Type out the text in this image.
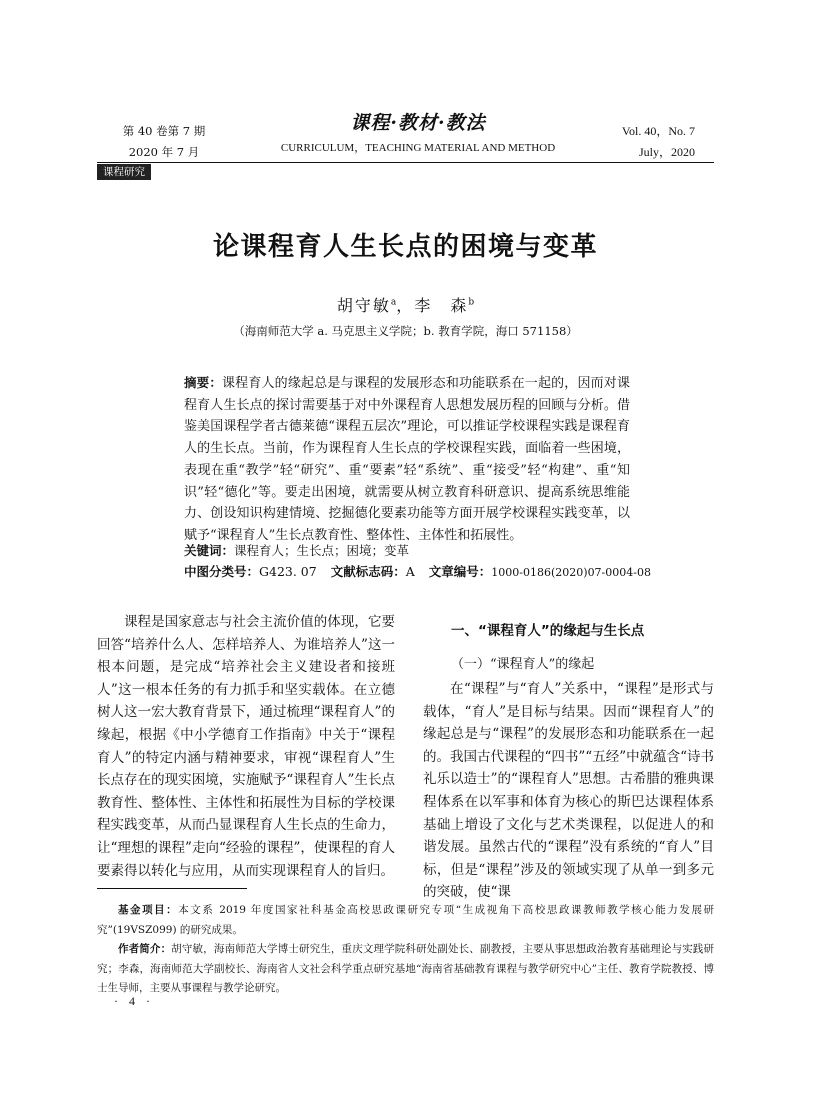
第 40 卷第 7 期
2020 年 7 月
课程·教材·教法
CURRICULUM，TEACHING MATERIAL AND METHOD
Vol. 40，No. 7
July，2020
课程研究
论课程育人生长点的困境与变革
胡守敏$^a$，李　森$^b$
（海南师范大学 a. 马克思主义学院；b. 教育学院，海口 571158）
摘要：课程育人的缘起总是与课程的发展形态和功能联系在一起的，因而对课程育人生长点的探讨需要基于对中外课程育人思想发展历程的回顾与分析。借鉴美国课程学者古德莱德“课程五层次”理论，可以推证学校课程实践是课程育人的生长点。当前，作为课程育人生长点的学校课程实践，面临着一些困境，表现在重“教学”轻“研究”、重“要素”轻“系统”、重“接受”轻“构建”、重“知识”轻“德化”等。要走出困境，就需要从树立教育科研意识、提高系统思维能力、创设知识构建情境、挖掘德化要素功能等方面开展学校课程实践变革，以赋予“课程育人”生长点教育性、整体性、主体性和拓展性。
关键词：课程育人；生长点；困境；变革
中图分类号：G423. 07 文献标志码：A 文章编号：1000-0186(2020)07-0004-08

课程是国家意志与社会主流价值的体现，它要回答“培养什么人、怎样培养人、为谁培养人”这一根本问题，是完成“培养社会主义建设者和接班人”这一根本任务的有力抓手和坚实载体。在立德树人这一宏大教育背景下，通过梳理“课程育人”的缘起，根据《中小学德育工作指南》中关于“课程育人”的特定内涵与精神要求，审视“课程育人”生长点存在的现实困境，实施赋予“课程育人”生长点教育性、整体性、主体性和拓展性为目标的学校课程实践变革，从而凸显课程育人生长点的生命力，让“理想的课程”走向“经验的课程”，使课程的育人要素得以转化与应用，从而实现课程育人的旨归。

一、“课程育人”的缘起与生长点
（一）“课程育人”的缘起

在“课程”与“育人”关系中，“课程”是形式与载体，“育人”是目标与结果。因而“课程育人”的缘起总是与“课程”的发展形态和功能联系在一起的。我国古代课程的“四书”“五经”中就蕴含“诗书礼乐以造士”的“课程育人”思想。古希腊的雅典课程体系在以军事和体育为核心的斯巴达课程体系基础上增设了文化与艺术类课程，以促进人的和谐发展。虽然古代的“课程”没有系统的“育人”目标，但是“课程”涉及的领域实现了从单一到多元的突破，使“课

基金项目：本文系 2019 年度国家社科基金高校思政课研究专项“生成视角下高校思政课教师教学核心能力发展研究”(19VSZ099) 的研究成果。
作者简介：胡守敏，海南师范大学博士研究生，重庆文理学院科研处副处长、副教授，主要从事思想政治教育基础理论与实践研究；李森，海南师范大学副校长、海南省人文社会科学重点研究基地“海南省基础教育课程与教学研究中心”主任、教育学院教授、博士生导师，主要从事课程与教学论研究。
· 4 ·
